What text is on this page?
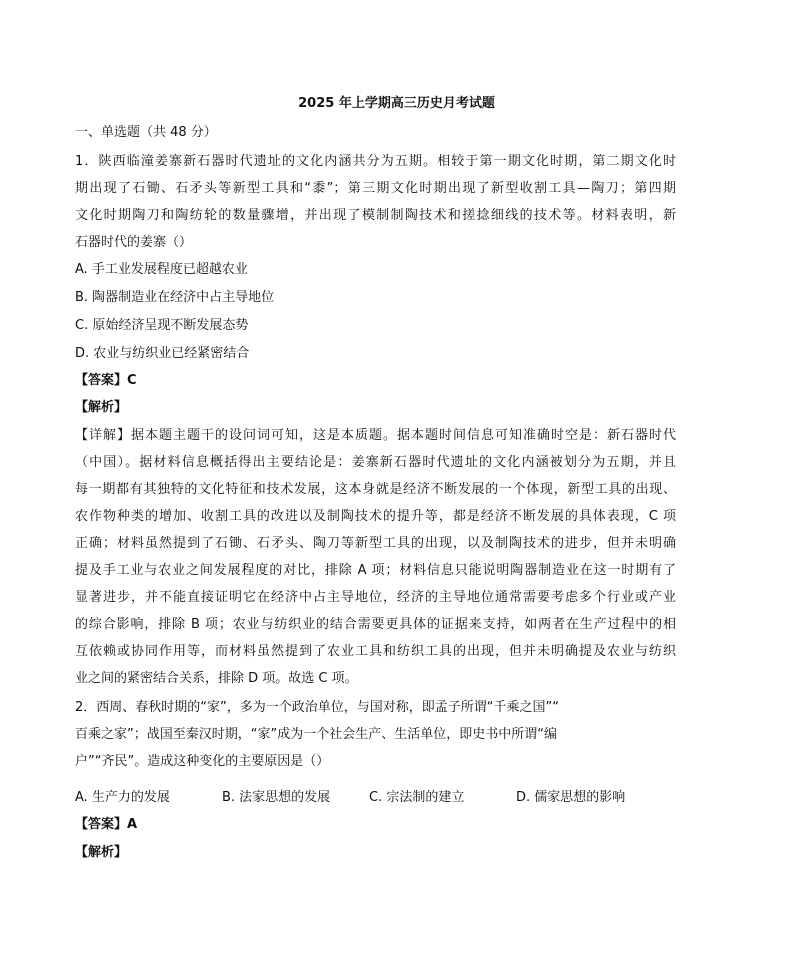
2025 年上学期高三历史月考试题
一、单选题（共 48 分）
1．陕西临潼姜寨新石器时代遗址的文化内涵共分为五期。相较于第一期文化时期，第二期文化时
期出现了石锄、石矛头等新型工具和“黍”；第三期文化时期出现了新型收割工具—陶刀；第四期
文化时期陶刀和陶纺轮的数量骤增，并出现了模制制陶技术和搓捻细线的技术等。材料表明，新
石器时代的姜寨（）
A. 手工业发展程度已超越农业
B. 陶器制造业在经济中占主导地位
C. 原始经济呈现不断发展态势
D. 农业与纺织业已经紧密结合
【答案】C
【解析】
【详解】据本题主题干的设问词可知，这是本质题。据本题时间信息可知准确时空是：新石器时代
（中国）。据材料信息概括得出主要结论是：姜寨新石器时代遗址的文化内涵被划分为五期，并且
每一期都有其独特的文化特征和技术发展，这本身就是经济不断发展的一个体现，新型工具的出现、
农作物种类的增加、收割工具的改进以及制陶技术的提升等，都是经济不断发展的具体表现，C 项
正确；材料虽然提到了石锄、石矛头、陶刀等新型工具的出现，以及制陶技术的进步，但并未明确
提及手工业与农业之间发展程度的对比，排除 A 项；材料信息只能说明陶器制造业在这一时期有了
显著进步，并不能直接证明它在经济中占主导地位，经济的主导地位通常需要考虑多个行业或产业
的综合影响，排除 B 项；农业与纺织业的结合需要更具体的证据来支持，如两者在生产过程中的相
互依赖或协同作用等，而材料虽然提到了农业工具和纺织工具的出现，但并未明确提及农业与纺织
业之间的紧密结合关系，排除 D 项。故选 C 项。
2．西周、春秋时期的“家”，多为一个政治单位，与国对称，即孟子所谓“千乘之国”“
百乘之家”；战国至秦汉时期，“家”成为一个社会生产、生活单位，即史书中所谓“编
户”“齐民”。造成这种变化的主要原因是（）
A. 生产力的发展	B. 法家思想的发展	C. 宗法制的建立	D. 儒家思想的影响
【答案】A
【解析】
